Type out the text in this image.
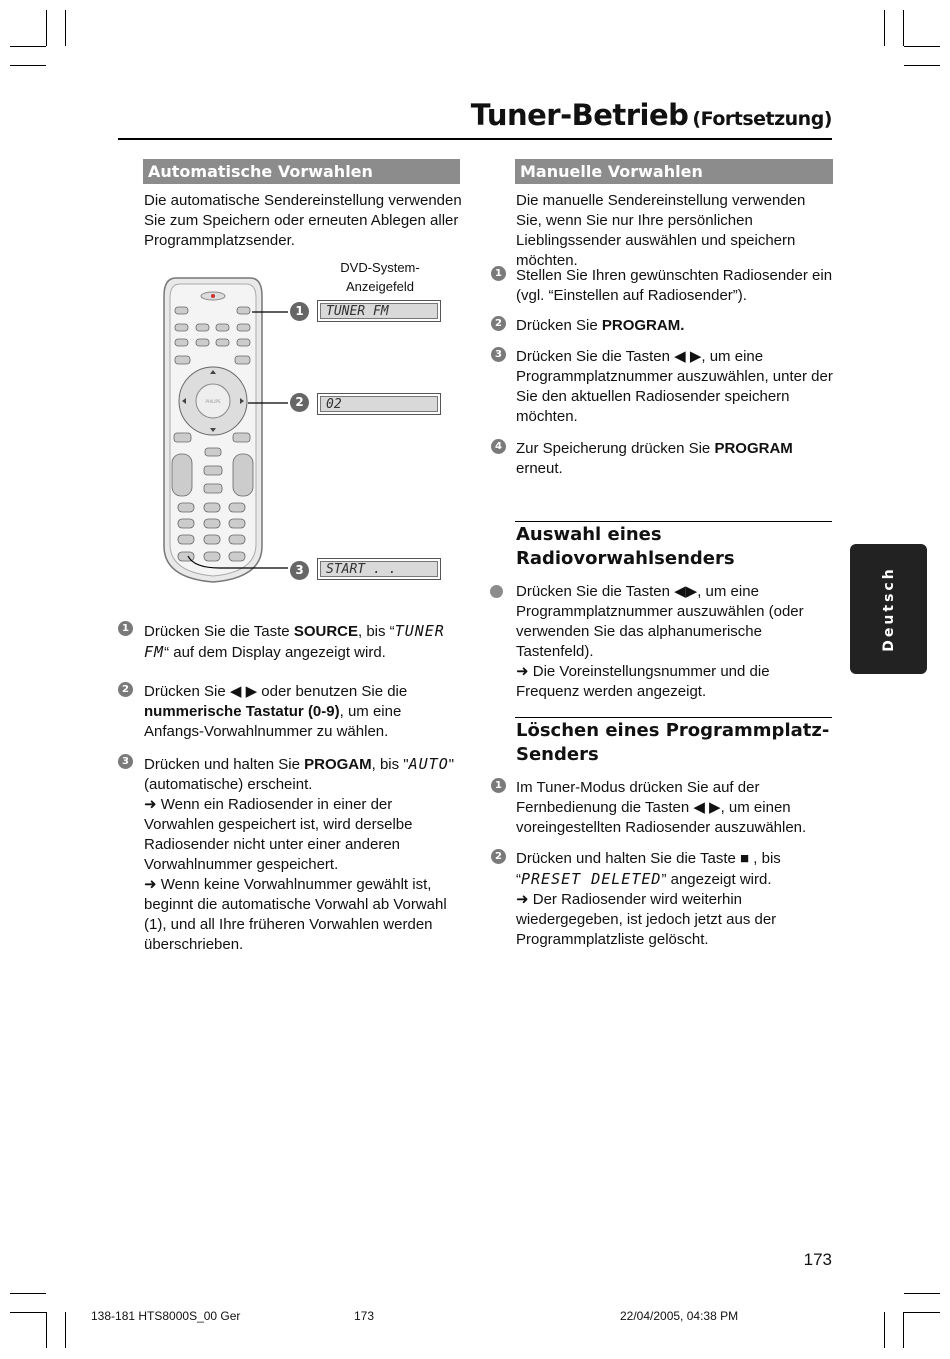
Tuner-Betrieb (Fortsetzung)
Automatische Vorwahlen
Die automatische Sendereinstellung verwenden Sie zum Speichern oder erneuten Ablegen aller Programmplatzsender.

DVD-System-

Anzeigefeld

PHILIPS
1
2
3
TUNER FM
02
START . .
1 Drücken Sie die Taste SOURCE, bis “TUNER FM“ auf dem Display angezeigt wird.
2 Drücken Sie ◀ ▶ oder benutzen Sie die nummerische Tastatur (0-9), um eine Anfangs-Vorwahlnummer zu wählen.
3 Drücken und halten Sie PROGAM, bis "AUTO" (automatische) erscheint.

➜ Wenn ein Radiosender in einer der Vorwahlen gespeichert ist, wird derselbe Radiosender nicht unter einer anderen Vorwahlnummer gespeichert.

➜ Wenn keine Vorwahlnummer gewählt ist, beginnt die automatische Vorwahl ab Vorwahl (1), und all Ihre früheren Vorwahlen werden überschrieben.

Manuelle Vorwahlen
Die manuelle Sendereinstellung verwenden Sie, wenn Sie nur Ihre persönlichen Lieblingssender auswählen und speichern möchten.
1 Stellen Sie Ihren gewünschten Radiosender ein (vgl. “Einstellen auf Radiosender”).
2 Drücken Sie PROGRAM.
3 Drücken Sie die Tasten ◀ ▶, um eine Programmplatznummer auszuwählen, unter der Sie den aktuellen Radiosender speichern möchten.
4 Zur Speicherung drücken Sie PROGRAM erneut.
Auswahl eines
Radiovorwahlsenders

Drücken Sie die Tasten ◀▶, um eine Programmplatznummer auszuwählen (oder verwenden Sie das alphanumerische Tastenfeld).

➜ Die Voreinstellungsnummer und die Frequenz werden angezeigt.

Löschen eines Programmplatz-
Senders
1 Im Tuner-Modus drücken Sie auf der Fernbedienung die Tasten ◀ ▶, um einen voreingestellten Radiosender auszuwählen.
2 Drücken und halten Sie die Taste ■ , bis “PRESET DELETED” angezeigt wird.

➜ Der Radiosender wird weiterhin wiedergegeben, ist jedoch jetzt aus der Programmplatzliste gelöscht.

Deutsch
173
138-181 HTS8000S_00 Ger	173	22/04/2005, 04:38 PM
